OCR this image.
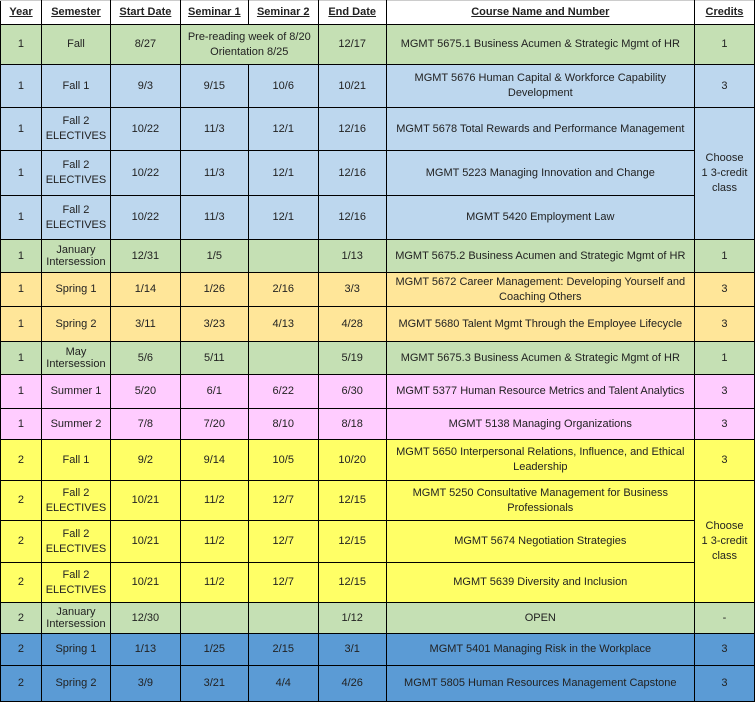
Year	Semester	Start Date	Seminar 1	Seminar 2	End Date	Course Name and Number	Credits
1	Fall	8/27	Pre-reading week of 8/20 Orientation 8/25		12/17	MGMT 5675.1 Business Acumen & Strategic Mgmt of HR	1
1	Fall 1	9/3	9/15	10/6	10/21	MGMT 5676 Human Capital & Workforce Capability Development	3
1	Fall 2 ELECTIVES	10/22	11/3	12/1	12/16	MGMT 5678 Total Rewards and Performance Management	Choose 1 3-credit class
1	Fall 2 ELECTIVES	10/22	11/3	12/1	12/16	MGMT 5223 Managing Innovation and Change	
1	Fall 2 ELECTIVES	10/22	11/3	12/1	12/16	MGMT 5420 Employment Law	
1	January Intersession	12/31	1/5		1/13	MGMT 5675.2 Business Acumen and Strategic Mgmt of HR	1
1	Spring 1	1/14	1/26	2/16	3/3	MGMT 5672 Career Management: Developing Yourself and Coaching Others	3
1	Spring 2	3/11	3/23	4/13	4/28	MGMT 5680 Talent Mgmt Through the Employee Lifecycle	3
1	May Intersession	5/6	5/11		5/19	MGMT 5675.3 Business Acumen & Strategic Mgmt of HR	1
1	Summer 1	5/20	6/1	6/22	6/30	MGMT 5377 Human Resource Metrics and Talent Analytics	3
1	Summer 2	7/8	7/20	8/10	8/18	MGMT 5138 Managing Organizations	3
2	Fall 1	9/2	9/14	10/5	10/20	MGMT 5650 Interpersonal Relations, Influence, and Ethical Leadership	3
2	Fall 2 ELECTIVES	10/21	11/2	12/7	12/15	MGMT 5250 Consultative Management for Business Professionals	Choose 1 3-credit class
2	Fall 2 ELECTIVES	10/21	11/2	12/7	12/15	MGMT 5674 Negotiation Strategies	
2	Fall 2 ELECTIVES	10/21	11/2	12/7	12/15	MGMT 5639 Diversity and Inclusion	
2	January Intersession	12/30			1/12	OPEN	-
2	Spring 1	1/13	1/25	2/15	3/1	MGMT 5401 Managing Risk in the Workplace	3
2	Spring 2	3/9	3/21	4/4	4/26	MGMT 5805 Human Resources Management Capstone	3
